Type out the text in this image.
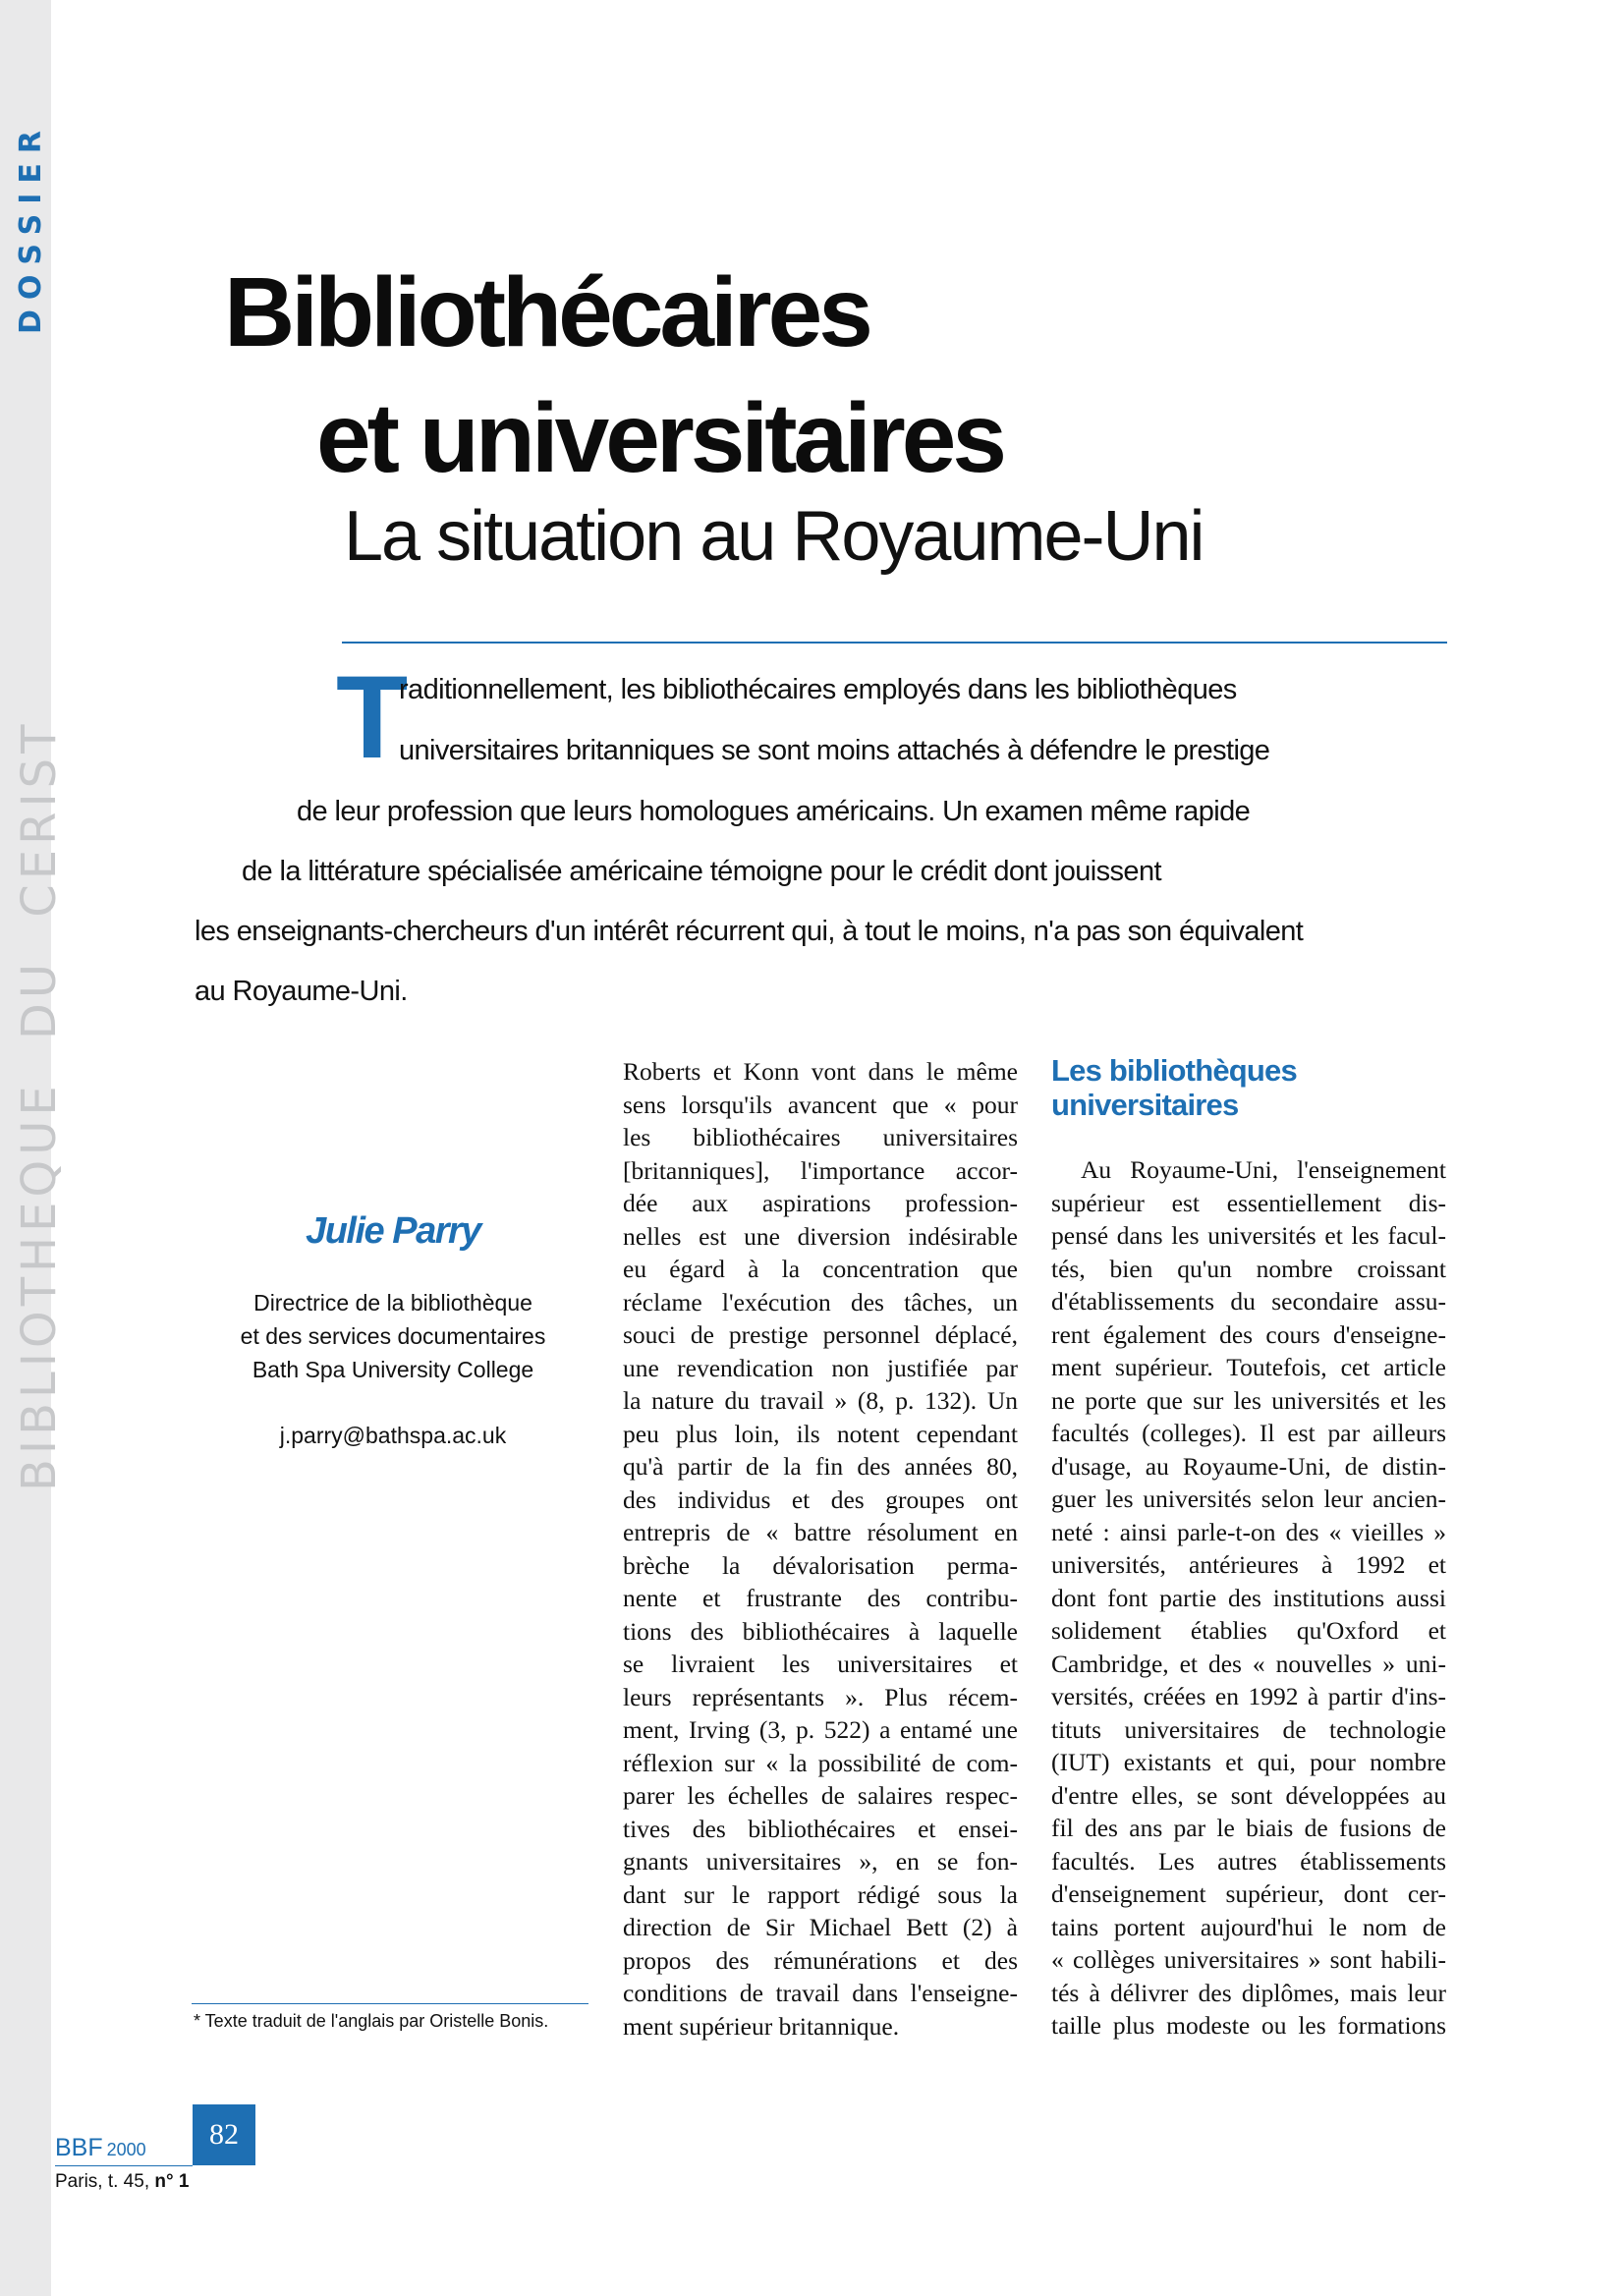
DOSSIER
BIBLIOTHEQUE DU CERIST
Bibliothécaires
et universitaires
La situation au Royaume-Uni
T
raditionnellement, les bibliothécaires employés dans les bibliothèques
universitaires britanniques se sont moins attachés à défendre le prestige
de leur profession que leurs homologues américains. Un examen même rapide
de la littérature spécialisée américaine témoigne pour le crédit dont jouissent
les enseignants-chercheurs d'un intérêt récurrent qui, à tout le moins, n'a pas son équivalent
au Royaume-Uni.
Julie Parry
Directrice de la bibliothèque
et des services documentaires
Bath Spa University College
j.parry@bathspa.ac.uk
* Texte traduit de l'anglais par Oristelle Bonis.
Roberts et Konn vont dans le même
sens lorsqu'ils avancent que « pour
les bibliothécaires universitaires
[britanniques], l'importance accor-
dée aux aspirations profession-
nelles est une diversion indésirable
eu égard à la concentration que
réclame l'exécution des tâches, un
souci de prestige personnel déplacé,
une revendication non justifiée par
la nature du travail » (8, p. 132). Un
peu plus loin, ils notent cependant
qu'à partir de la fin des années 80,
des individus et des groupes ont
entrepris de « battre résolument en
brèche la dévalorisation perma-
nente et frustrante des contribu-
tions des bibliothécaires à laquelle
se livraient les universitaires et
leurs représentants ». Plus récem-
ment, Irving (3, p. 522) a entamé une
réflexion sur « la possibilité de com-
parer les échelles de salaires respec-
tives des bibliothécaires et ensei-
gnants universitaires », en se fon-
dant sur le rapport rédigé sous la
direction de Sir Michael Bett (2) à
propos des rémunérations et des
conditions de travail dans l'enseigne-
ment supérieur britannique.
Les bibliothèques
universitaires
Au Royaume-Uni, l'enseignement
supérieur est essentiellement dis-
pensé dans les universités et les facul-
tés, bien qu'un nombre croissant
d'établissements du secondaire assu-
rent également des cours d'enseigne-
ment supérieur. Toutefois, cet article
ne porte que sur les universités et les
facultés (colleges). Il est par ailleurs
d'usage, au Royaume-Uni, de distin-
guer les universités selon leur ancien-
neté : ainsi parle-t-on des « vieilles »
universités, antérieures à 1992 et
dont font partie des institutions aussi
solidement établies qu'Oxford et
Cambridge, et des « nouvelles » uni-
versités, créées en 1992 à partir d'ins-
tituts universitaires de technologie
(IUT) existants et qui, pour nombre
d'entre elles, se sont développées au
fil des ans par le biais de fusions de
facultés. Les autres établissements
d'enseignement supérieur, dont cer-
tains portent aujourd'hui le nom de
« collèges universitaires » sont habili-
tés à délivrer des diplômes, mais leur
taille plus modeste ou les formations
BBF 2000	82
Paris, t. 45, n° 1
